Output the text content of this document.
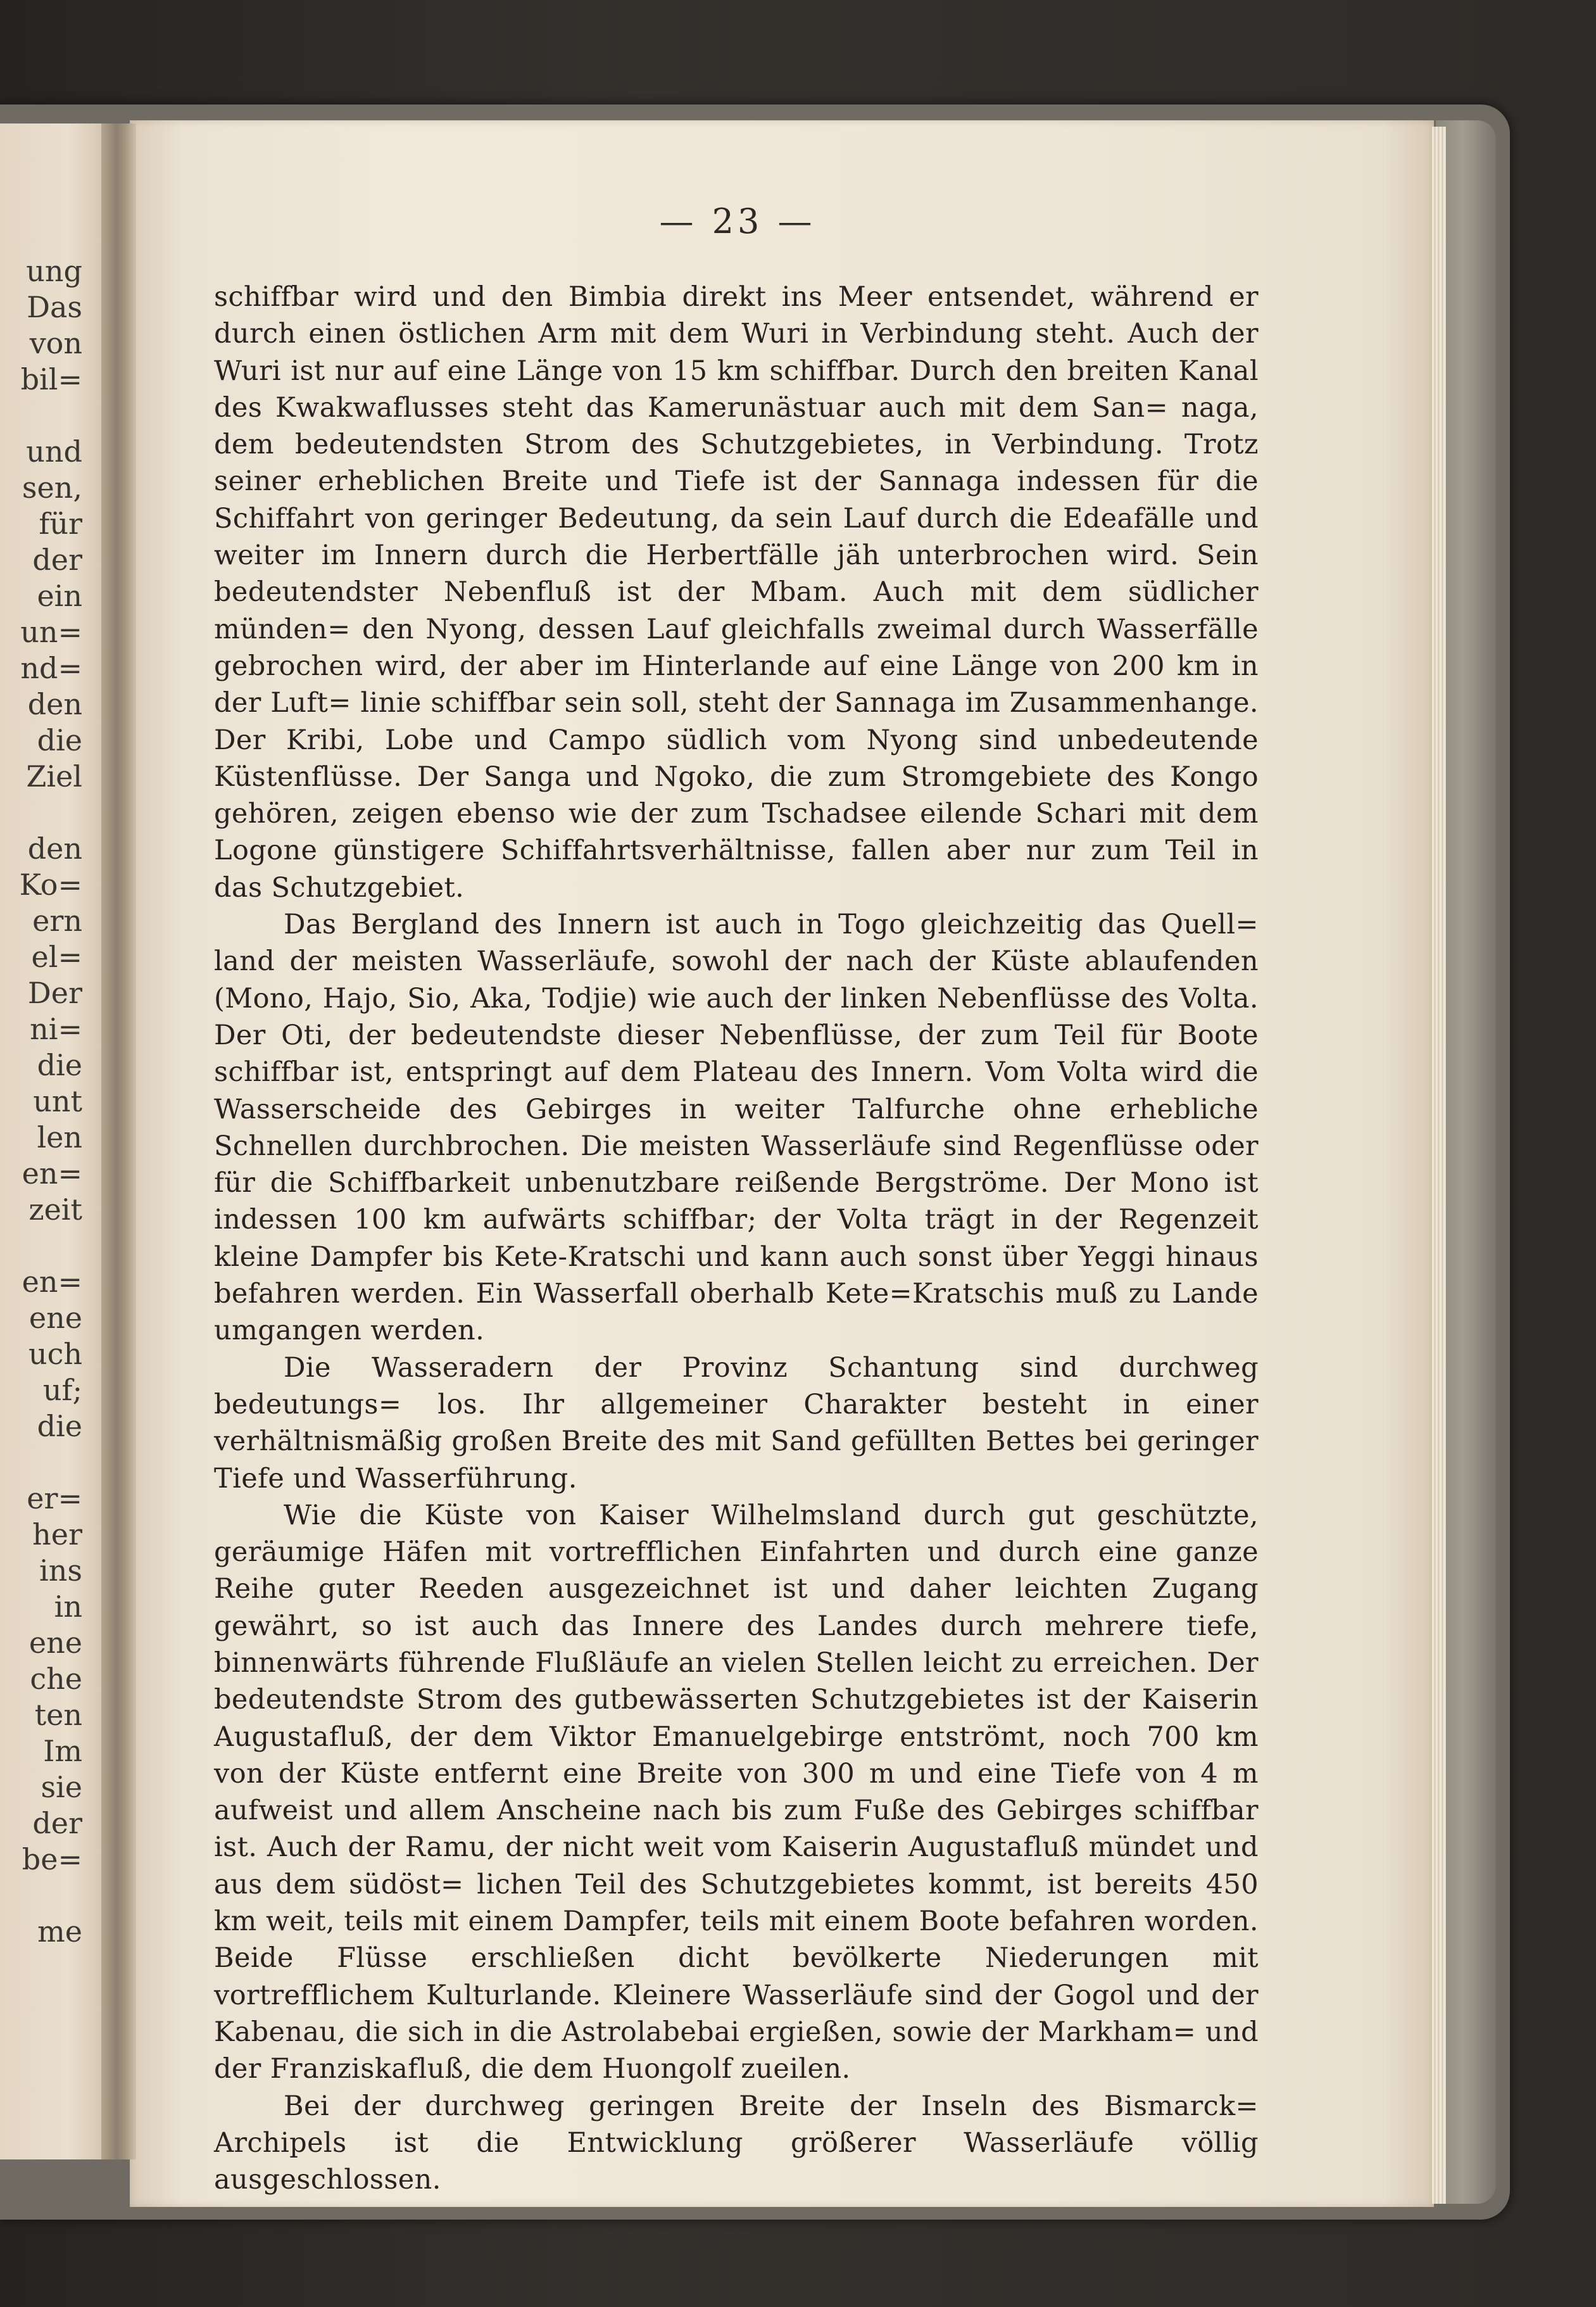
ung
Das
von
bil=
und
sen,
für
der
ein
un=
nd=
den
die
Ziel
den
Ko=
ern
el=
Der
ni=
die
unt
len
en=
zeit
en=
ene
uch
uf;
die
er=
her
ins
in
ene
che
ten
Im
sie
der
be=
me
— 23 —

schiffbar wird und den Bimbia direkt ins Meer entsendet, während er durch einen östlichen Arm mit dem Wuri in Verbindung steht. Auch der Wuri ist nur auf eine Länge von 15 km schiffbar. Durch den breiten Kanal des Kwakwaflusses steht das Kamerunästuar auch mit dem San= naga, dem bedeutendsten Strom des Schutzgebietes, in Verbindung. Trotz seiner erheblichen Breite und Tiefe ist der Sannaga indessen für die Schiffahrt von geringer Bedeutung, da sein Lauf durch die Edeafälle und weiter im Innern durch die Herbertfälle jäh unterbrochen wird. Sein bedeutendster Nebenfluß ist der Mbam. Auch mit dem südlicher münden= den Nyong, dessen Lauf gleichfalls zweimal durch Wasserfälle gebrochen wird, der aber im Hinterlande auf eine Länge von 200 km in der Luft= linie schiffbar sein soll, steht der Sannaga im Zusammenhange. Der Kribi, Lobe und Campo südlich vom Nyong sind unbedeutende Küstenflüsse. Der Sanga und Ngoko, die zum Stromgebiete des Kongo gehören, zeigen ebenso wie der zum Tschadsee eilende Schari mit dem Logone günstigere Schiffahrtsverhältnisse, fallen aber nur zum Teil in das Schutzgebiet.

Das Bergland des Innern ist auch in Togo gleichzeitig das Quell= land der meisten Wasserläufe, sowohl der nach der Küste ablaufenden (Mono, Hajo, Sio, Aka, Todjie) wie auch der linken Nebenflüsse des Volta. Der Oti, der bedeutendste dieser Nebenflüsse, der zum Teil für Boote schiffbar ist, entspringt auf dem Plateau des Innern. Vom Volta wird die Wasserscheide des Gebirges in weiter Talfurche ohne erhebliche Schnellen durchbrochen. Die meisten Wasserläufe sind Regenflüsse oder für die Schiffbarkeit unbenutzbare reißende Bergströme. Der Mono ist indessen 100 km aufwärts schiffbar; der Volta trägt in der Regenzeit kleine Dampfer bis Kete-Kratschi und kann auch sonst über Yeggi hinaus befahren werden. Ein Wasserfall oberhalb Kete=Kratschis muß zu Lande umgangen werden.

Die Wasseradern der Provinz Schantung sind durchweg bedeutungs= los. Ihr allgemeiner Charakter besteht in einer verhältnismäßig großen Breite des mit Sand gefüllten Bettes bei geringer Tiefe und Wasserführung.

Wie die Küste von Kaiser Wilhelmsland durch gut geschützte, geräumige Häfen mit vortrefflichen Einfahrten und durch eine ganze Reihe guter Reeden ausgezeichnet ist und daher leichten Zugang gewährt, so ist auch das Innere des Landes durch mehrere tiefe, binnenwärts führende Flußläufe an vielen Stellen leicht zu erreichen. Der bedeutendste Strom des gutbewässerten Schutzgebietes ist der Kaiserin Augustafluß, der dem Viktor Emanuelgebirge entströmt, noch 700 km von der Küste entfernt eine Breite von 300 m und eine Tiefe von 4 m aufweist und allem Anscheine nach bis zum Fuße des Gebirges schiffbar ist. Auch der Ramu, der nicht weit vom Kaiserin Augustafluß mündet und aus dem südöst= lichen Teil des Schutzgebietes kommt, ist bereits 450 km weit, teils mit einem Dampfer, teils mit einem Boote befahren worden. Beide Flüsse erschließen dicht bevölkerte Niederungen mit vortrefflichem Kulturlande. Kleinere Wasserläufe sind der Gogol und der Kabenau, die sich in die Astrolabebai ergießen, sowie der Markham= und der Franziskafluß, die dem Huongolf zueilen.

Bei der durchweg geringen Breite der Inseln des Bismarck= Archipels ist die Entwicklung größerer Wasserläufe völlig ausgeschlossen.
